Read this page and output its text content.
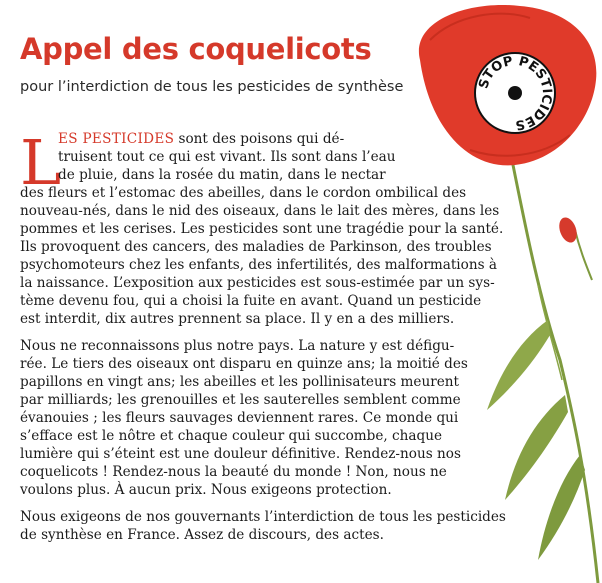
Appel des coquelicots
pour l’interdiction de tous les pesticides de synthèse
L
ES PESTICIDES sont des poisons qui dé-
truisent tout ce qui est vivant. Ils sont dans l’eau
de pluie, dans la rosée du matin, dans le nectar
des fleurs et l’estomac des abeilles, dans le cordon ombilical des
nouveau-nés, dans le nid des oiseaux, dans le lait des mères, dans les
pommes et les cerises. Les pesticides sont une tragédie pour la santé.
Ils provoquent des cancers, des maladies de Parkinson, des troubles
psychomoteurs chez les enfants, des infertilités, des malformations à
la naissance. L’exposition aux pesticides est sous-estimée par un sys-
tème devenu fou, qui a choisi la fuite en avant. Quand un pesticide
est interdit, dix autres prennent sa place. Il y en a des milliers.
Nous ne reconnaissons plus notre pays. La nature y est défigu-
rée. Le tiers des oiseaux ont disparu en quinze ans; la moitié des
papillons en vingt ans; les abeilles et les pollinisateurs meurent
par milliards; les grenouilles et les sauterelles semblent comme
évanouies ; les fleurs sauvages deviennent rares. Ce monde qui
s’efface est le nôtre et chaque couleur qui succombe, chaque
lumière qui s’éteint est une douleur définitive. Rendez-nous nos
coquelicots ! Rendez-nous la beauté du monde ! Non, nous ne
voulons plus. À aucun prix. Nous exigeons protection.
Nous exigeons de nos gouvernants l’interdiction de tous les pesticides
de synthèse en France. Assez de discours, des actes.
STOP PESTICIDES
